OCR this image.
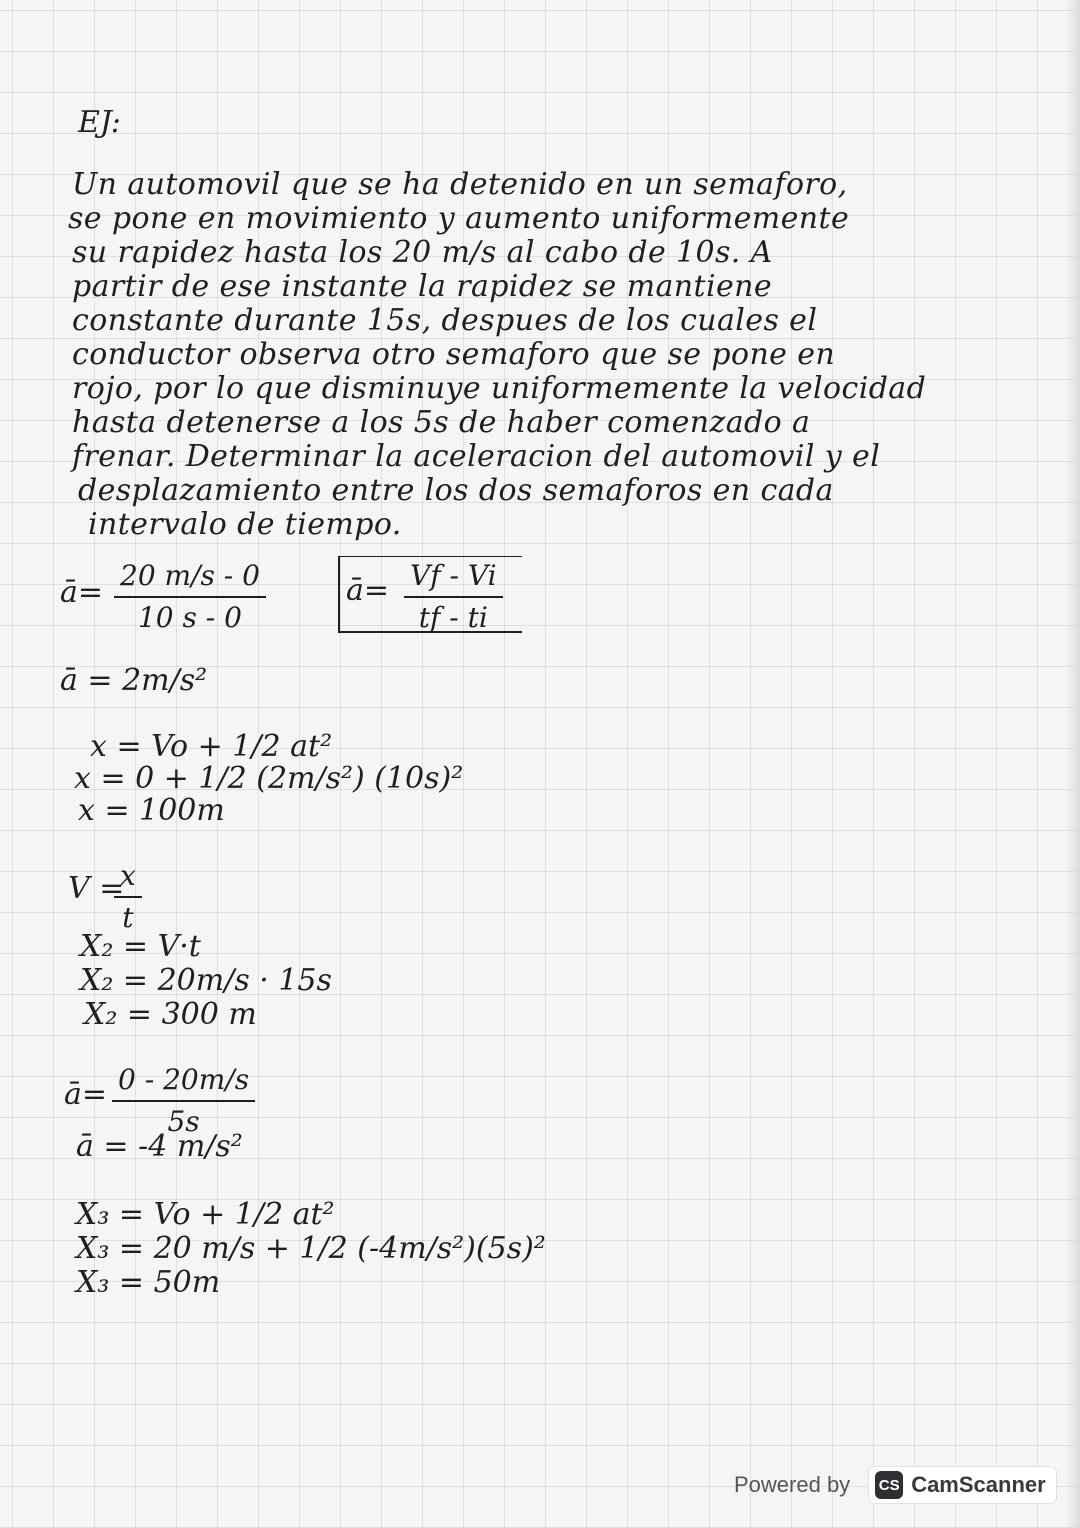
EJ:

Un automovil que se ha detenido en un semaforo,

se pone en movimiento y aumento uniformemente

su rapidez hasta los 20 m/s al cabo de 10s. A

partir de ese instante la rapidez se mantiene

constante durante 15s, despues de los cuales el

conductor observa otro semaforo que se pone en

rojo, por lo que disminuye uniformemente la velocidad

hasta detenerse a los 5s de haber comenzado a

frenar. Determinar la aceleracion del automovil y el

desplazamiento entre los dos semaforos en cada

intervalo de tiempo.

ā= $\frac{20 m/s - 0}{10 s - 0}$	ā= $\frac{Vf - Vi}{tf - ti}$

ā = 2m/s²

x = Vo + 1/2 at²

x = 0 + 1/2 (2m/s²) (10s)²

x = 100m

V =
$\frac{x}{t}$

X₂ = V·t

X₂ = 20m/s · 15s

X₂ = 300 m

ā= $\frac{0 - 20m/s}{5s}$

ā = -4 m/s²

X₃ = Vo + 1/2 at²

X₃ = 20 m/s + 1/2 (-4m/s²)(5s)²

X₃ = 50m

Powered by CS CamScanner
